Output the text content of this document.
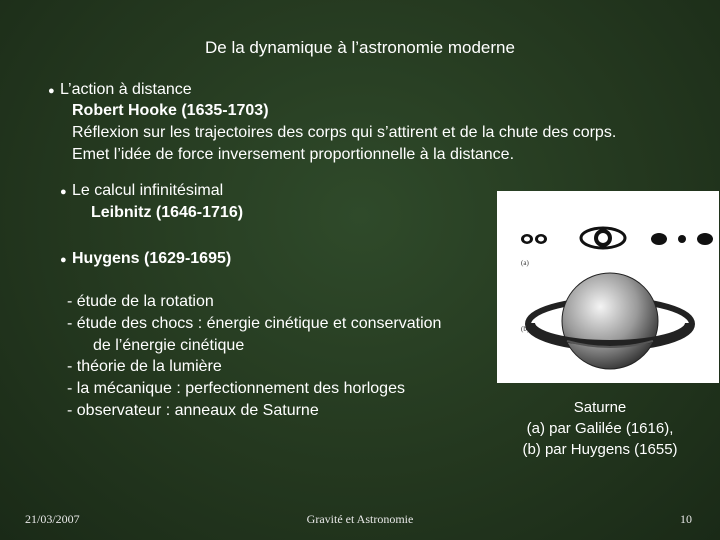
De la dynamique à l’astronomie moderne
● L’action à distance
Robert Hooke (1635-1703)
Réflexion sur les trajectoires des corps qui s’attirent et de la chute des corps.
Emet l’idée de force inversement proportionnelle à la distance.
● Le calcul infinitésimal
Leibnitz (1646-1716)
● Huygens (1629-1695)
- étude de la rotation
- étude des chocs : énergie cinétique et conservation
de l’énergie cinétique
- théorie de la lumière
- la mécanique : perfectionnement des horloges
- observateur : anneaux de Saturne
(a)
(b)
Saturne
(a) par Galilée (1616),
(b) par Huygens (1655)
21/03/2007	Gravité et Astronomie	10
